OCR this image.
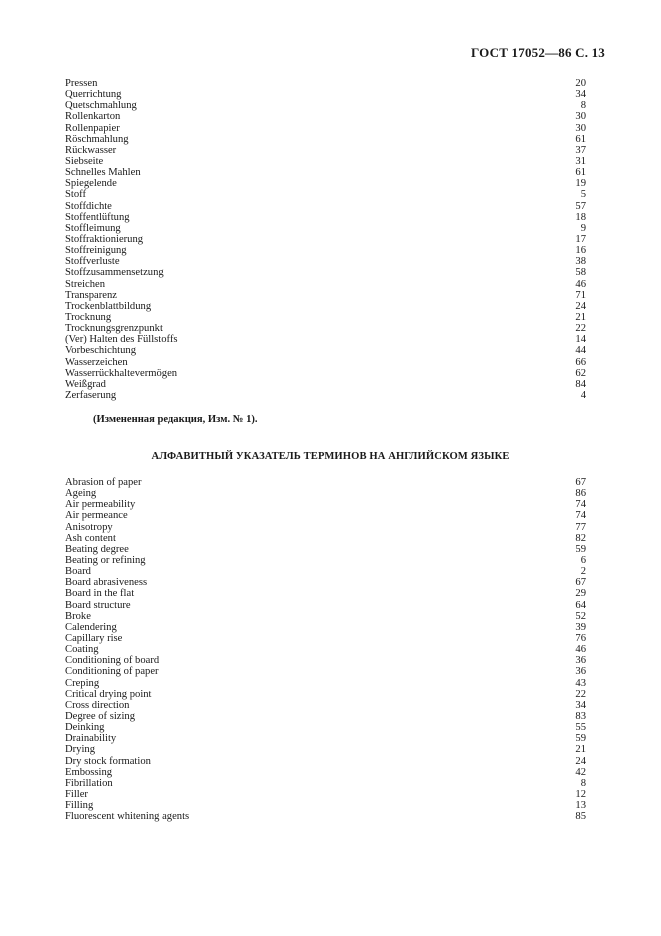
ГОСТ 17052—86 С. 13
Pressen	20
Querrichtung	34
Quetschmahlung	8
Rollenkarton	30
Rollenpapier	30
Röschmahlung	61
Rückwasser	37
Siebseite	31
Schnelles Mahlen	61
Spiegelende	19
Stoff	5
Stoffdichte	57
Stoffentlüftung	18
Stoffleimung	9
Stoffraktionierung	17
Stoffreinigung	16
Stoffverluste	38
Stoffzusammensetzung	58
Streichen	46
Transparenz	71
Trockenblattbildung	24
Trocknung	21
Trocknungsgrenzpunkt	22
(Ver) Halten des Füllstoffs	14
Vorbeschichtung	44
Wasserzeichen	66
Wasserrückhaltevermögen	62
Weißgrad	84
Zerfaserung	4
(Измененная редакция, Изм. № 1).
АЛФАВИТНЫЙ УКАЗАТЕЛЬ ТЕРМИНОВ НА АНГЛИЙСКОМ ЯЗЫКЕ
Abrasion of paper	67
Ageing	86
Air permeability	74
Air permeance	74
Anisotropy	77
Ash content	82
Beating degree	59
Beating or refining	6
Board	2
Board abrasiveness	67
Board in the flat	29
Board structure	64
Broke	52
Calendering	39
Capillary rise	76
Coating	46
Conditioning of board	36
Conditioning of paper	36
Creping	43
Critical drying point	22
Cross direction	34
Degree of sizing	83
Deinking	55
Drainability	59
Drying	21
Dry stock formation	24
Embossing	42
Fibrillation	8
Filler	12
Filling	13
Fluorescent whitening agents	85
